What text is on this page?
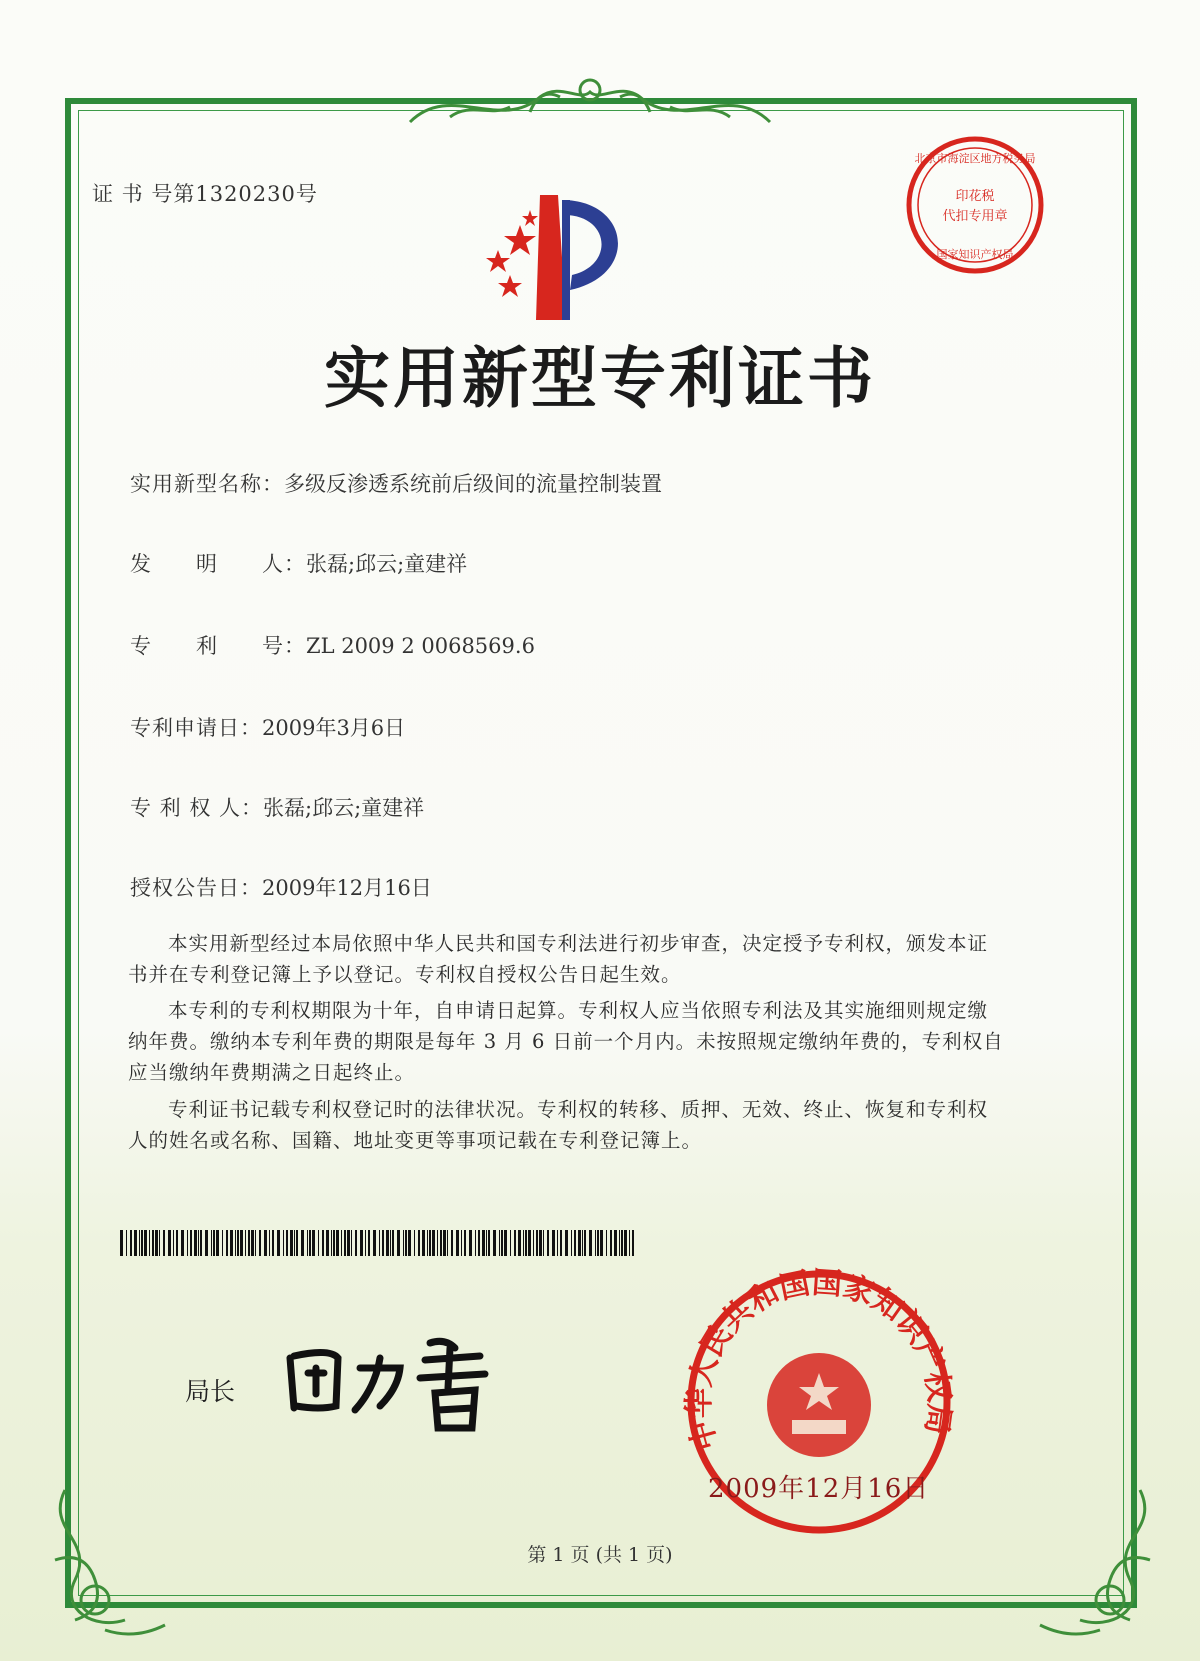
证 书 号第1320230号	印花税
代扣专用章
北京市海淀区地方税务局
国家知识产权局
实用新型专利证书
实用新型名称：多级反渗透系统前后级间的流量控制装置
发　　明　　人：张磊;邱云;童建祥
专　　利　　号：ZL 2009 2 0068569.6
专利申请日：2009年3月6日
专 利 权 人：张磊;邱云;童建祥
授权公告日：2009年12月16日
本实用新型经过本局依照中华人民共和国专利法进行初步审查，决定授予专利权，颁发本证书并在专利登记簿上予以登记。专利权自授权公告日起生效。
本专利的专利权期限为十年，自申请日起算。专利权人应当依照专利法及其实施细则规定缴纳年费。缴纳本专利年费的期限是每年 3 月 6 日前一个月内。未按照规定缴纳年费的，专利权自应当缴纳年费期满之日起终止。
专利证书记载专利权登记时的法律状况。专利权的转移、质押、无效、终止、恢复和专利权人的姓名或名称、国籍、地址变更等事项记载在专利登记簿上。
局长
中华人民共和国国家知识产权局
2009年12月16日
第 1 页 (共 1 页)
